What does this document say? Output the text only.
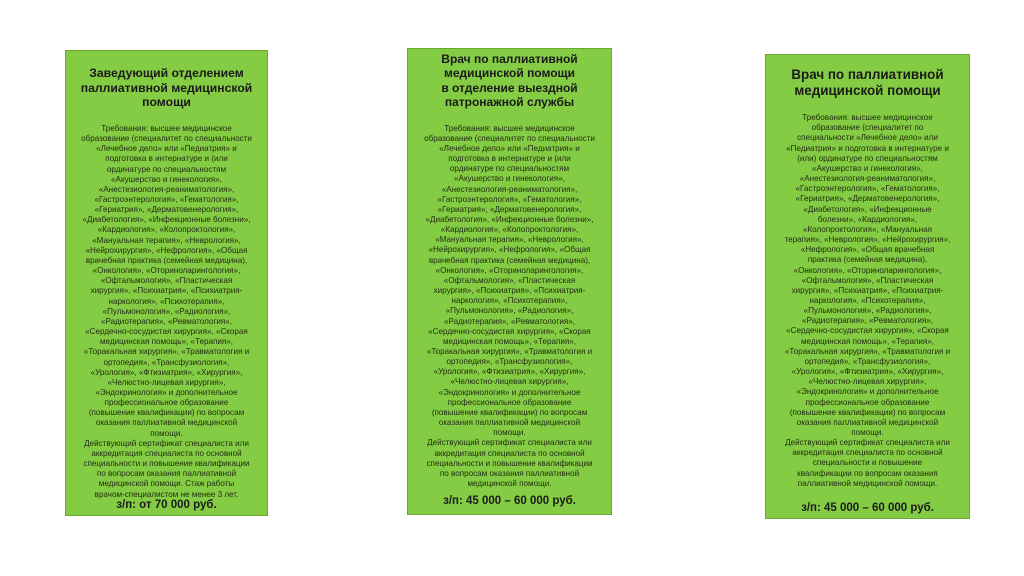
Заведующий отделением
паллиативной медицинской
помощи
Требования: высшее медицинское
образование (специалитет по специальности
«Лечебное дело» или «Педиатрия» и
подготовка в интернатуре и (или
ординатуре по специальностям
«Акушерство и гинекология»,
«Анестезиология-реаниматология»,
«Гастроэнтерология», «Гематология»,
«Гериатрия», «Дерматовенерология»,
«Диабетология», «Инфекционные болезни»,
«Кардиология», «Колопроктология»,
«Мануальная терапия», «Неврология»,
«Нейрохирургия», «Нефрология», «Общая
врачебная практика (семейная медицина),
«Онкология», «Оториноларингология»,
«Офтальмология», «Пластическая
хирургия», «Психиатрия», «Психиатрия-
наркология», «Психотерапия»,
«Пульмонология», «Радиология»,
«Радиотерапия», «Ревматология»,
«Сердечно-сосудистая хирургия», «Скорая
медицинская помощь», «Терапия»,
«Торакальная хирургия», «Травматология и
ортопедия», «Трансфузиология»,
«Урология», «Фтизиатрия», «Хирургия»,
«Челюстно-лицевая хирургия»,
«Эндокринология» и дополнительное
профессиональное образование
(повышение квалификации) по вопросам
оказания паллиативной медицинской
помощи.
Действующий сертификат специалиста или
аккредитация специалиста по основной
специальности и повышение квалификации
по вопросам оказания паллиативной
медицинской помощи. Стаж работы
врачом-специалистом не менее 3 лет.
з/п: от 70 000 руб.
Врач по паллиативной
медицинской помощи
в отделение выездной
патронажной службы
Требования: высшее медицинское
образование (специалитет по специальности
«Лечебное дело» или «Педиатрия» и
подготовка в интернатуре и (или
ординатуре по специальностям
«Акушерство и гинекология»,
«Анестезиология-реаниматология»,
«Гастроэнтерология», «Гематология»,
«Гериатрия», «Дерматовенерология»,
«Диабетология», «Инфекционные болезни»,
«Кардиология», «Колопроктология»,
«Мануальная терапия», «Неврология»,
«Нейрохирургия», «Нефрология», «Общая
врачебная практика (семейная медицина),
«Онкология», «Оториноларингология»,
«Офтальмология», «Пластическая
хирургия», «Психиатрия», «Психиатрия-
наркология», «Психотерапия»,
«Пульмонология», «Радиология»,
«Радиотерапия», «Ревматология»,
«Сердечно-сосудистая хирургия», «Скорая
медицинская помощь», «Терапия»,
«Торакальная хирургия», «Травматология и
ортопедия», «Трансфузиология»,
«Урология», «Фтизиатрия», «Хирургия»,
«Челюстно-лицевая хирургия»,
«Эндокринология» и дополнительное
профессиональное образование
(повышение квалификации) по вопросам
оказания паллиативной медицинской
помощи.
Действующий сертификат специалиста или
аккредитация специалиста по основной
специальности и повышение квалификации
по вопросам оказания паллиативной
медицинской помощи.
з/п: 45 000 – 60 000 руб.
Врач по паллиативной
медицинской помощи
Требования: высшее медицинское
образование (специалитет по
специальности «Лечебное дело» или
«Педиатрия» и подготовка в интернатуре и
(или) ординатуре по специальностям
«Акушерство и гинекология»,
«Анестезиология-реаниматология»,
«Гастроэнтерология», «Гематология»,
«Гериатрия», «Дерматовенерология»,
«Диабетология», «Инфекционные
болезни», «Кардиология»,
«Колопроктология», «Мануальная
терапия», «Неврология», «Нейрохирургия»,
«Нефрология», «Общая врачебная
практика (семейная медицина),
«Онкология», «Оториноларингология»,
«Офтальмология», «Пластическая
хирургия», «Психиатрия», «Психиатрия-
наркология», «Психотерапия»,
«Пульмонология», «Радиология»,
«Радиотерапия», «Ревматология»,
«Сердечно-сосудистая хирургия», «Скорая
медицинская помощь», «Терапия»,
«Торакальная хирургия», «Травматология и
ортопедия», «Трансфузиология»,
«Урология», «Фтизиатрия», «Хирургия»,
«Челюстно-лицевая хирургия»,
«Эндокринология» и дополнительное
профессиональное образование
(повышение квалификации) по вопросам
оказания паллиативной медицинской
помощи.
Действующий сертификат специалиста или
аккредитация специалиста по основной
специальности и повышение
квалификации по вопросам оказания
паллиативной медицинской помощи.
з/п: 45 000 – 60 000 руб.
